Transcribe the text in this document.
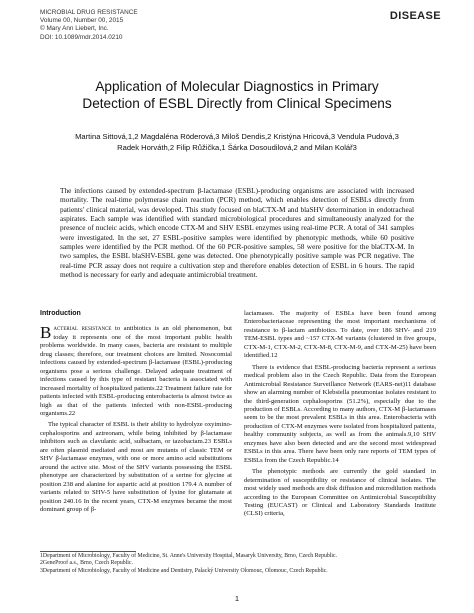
MICROBIAL DRUG RESISTANCE
Volume 00, Number 00, 2015
© Mary Ann Liebert, Inc.
DOI: 10.1089/mdr.2014.0210
DISEASE
Application of Molecular Diagnostics in Primary
Detection of ESBL Directly from Clinical Specimens
Martina Sittová,1,2 Magdaléna Röderová,3 Miloš Dendis,2 Kristýna Hricová,3 Vendula Pudová,3
Radek Horváth,2 Filip Růžička,1 Šárka Dosoudilová,2 and Milan Kolář3
The infections caused by extended-spectrum β-lactamase (ESBL)-producing organisms are associated with increased mortality. The real-time polymerase chain reaction (PCR) method, which enables detection of ESBLs directly from patients' clinical material, was developed. This study focused on blaCTX-M and blaSHV determination in endotracheal aspirates. Each sample was identified with standard microbiological procedures and simultaneously analyzed for the presence of nucleic acids, which encode CTX-M and SHV ESBL enzymes using real-time PCR. A total of 341 samples were investigated. In the set, 27 ESBL-positive samples were identified by phenotypic methods, while 60 positive samples were identified by the PCR method. Of the 60 PCR-positive samples, 58 were positive for the blaCTX-M. In two samples, the ESBL blaSHV-ESBL gene was detected. One phenotypically positive sample was PCR negative. The real-time PCR assay does not require a cultivation step and therefore enables detection of ESBL in 6 hours. The rapid method is necessary for early and adequate antimicrobial treatment.
Introduction

Bacterial resistance to antibiotics is an old phenomenon, but today it represents one of the most important public health problems worldwide. In many cases, bacteria are resistant to multiple drug classes; therefore, our treatment choices are limited. Nosocomial infections caused by extended-spectrum β-lactamase (ESBL)-producing organisms pose a serious challenge. Delayed adequate treatment of infections caused by this type of resistant bacteria is associated with increased mortality of hospitalized patients.22 Treatment failure rate for patients infected with ESBL-producing enterobacteria is almost twice as high as that of the patients infected with non-ESBL-producing organisms.22

The typical character of ESBL is their ability to hydrolyze oxyimino-cephalosporins and aztreonam, while being inhibited by β-lactamase inhibitors such as clavulanic acid, sulbactam, or tazobactam.23 ESBLs are often plasmid mediated and most are mutants of classic TEM or SHV β-lactamase enzymes, with one or more amino acid substitutions around the active site. Most of the SHV variants possessing the ESBL phenotype are characterized by substitution of a serine for glycine at position 238 and alanine for aspartic acid at position 179.4 A number of variants related to SHV-5 have substitution of lysine for glutamate at position 240.16 In the recent years, CTX-M enzymes became the most dominant group of β-

lactamases. The majority of ESBLs have been found among Enterobacteriaceae representing the most important mechanisms of resistance to β-lactam antibiotics. To date, over 186 SHV- and 219 TEM-ESBL types and ~157 CTX-M variants (clustered in five groups, CTX-M-1, CTX-M-2, CTX-M-8, CTX-M-9, and CTX-M-25) have been identified.12

There is evidence that ESBL-producing bacteria represent a serious medical problem also in the Czech Republic. Data from the European Antimicrobial Resistance Surveillance Network (EARS-net)11 database show an alarming number of Klebsiella pneumoniae isolates resistant to the third-generation cephalosporins (51.2%), especially due to the production of ESBLs. According to many authors, CTX-M β-lactamases seem to be the most prevalent ESBLs in this area. Enterobacteria with production of CTX-M enzymes were isolated from hospitalized patients, healthy community subjects, as well as from the animals.9,10 SHV enzymes have also been detected and are the second most widespread ESBLs in this area. There have been only rare reports of TEM types of ESBLs from the Czech Republic.14

The phenotypic methods are currently the gold standard in determination of susceptibility or resistance of clinical isolates. The most widely used methods are disk diffusion and microdilution methods according to the European Committee on Antimicrobial Susceptibility Testing (EUCAST) or Clinical and Laboratory Standards Institute (CLSI) criteria,

1Department of Microbiology, Faculty of Medicine, St. Anne's University Hospital, Masaryk University, Brno, Czech Republic.
2GeneProof a.s., Brno, Czech Republic.
3Department of Microbiology, Faculty of Medicine and Dentistry, Palacký University Olomouc, Olomouc, Czech Republic.
1
